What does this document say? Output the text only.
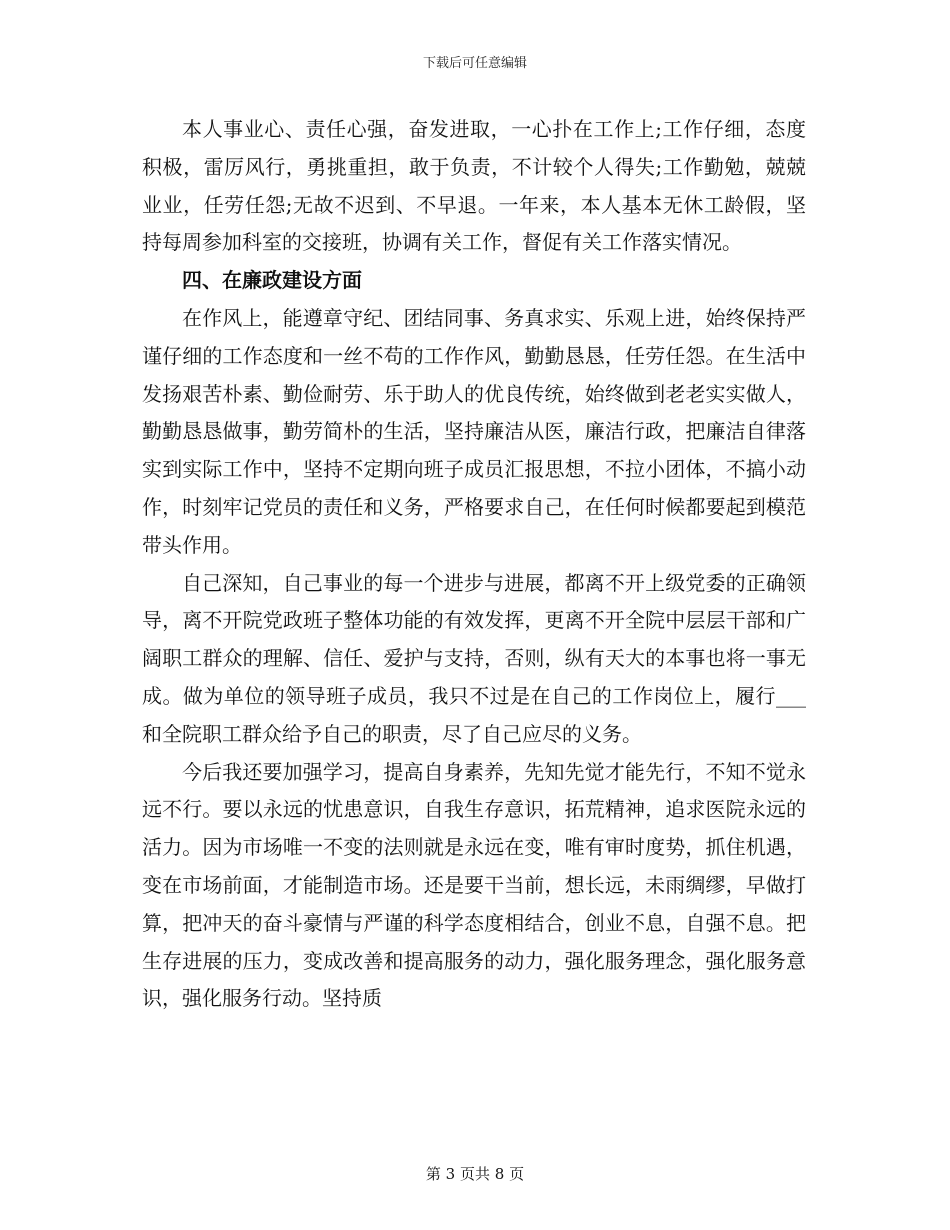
下载后可任意编辑

本人事业心、责任心强，奋发进取，一心扑在工作上;工作仔细，态度积极，雷厉风行，勇挑重担，敢于负责，不计较个人得失;工作勤勉，兢兢业业，任劳任怨;无故不迟到、不早退。一年来，本人基本无休工龄假，坚持每周参加科室的交接班，协调有关工作，督促有关工作落实情况。

四、在廉政建设方面

在作风上，能遵章守纪、团结同事、务真求实、乐观上进，始终保持严谨仔细的工作态度和一丝不苟的工作作风，勤勤恳恳，任劳任怨。在生活中发扬艰苦朴素、勤俭耐劳、乐于助人的优良传统，始终做到老老实实做人，勤勤恳恳做事，勤劳简朴的生活，坚持廉洁从医，廉洁行政，把廉洁自律落实到实际工作中，坚持不定期向班子成员汇报思想，不拉小团体，不搞小动作，时刻牢记党员的责任和义务，严格要求自己，在任何时候都要起到模范带头作用。

自己深知，自己事业的每一个进步与进展，都离不开上级党委的正确领导，离不开院党政班子整体功能的有效发挥，更离不开全院中层层干部和广阔职工群众的理解、信任、爱护与支持，否则，纵有天大的本事也将一事无成。做为单位的领导班子成员，我只不过是在自己的工作岗位上，履行___和全院职工群众给予自己的职责，尽了自己应尽的义务。

今后我还要加强学习，提高自身素养，先知先觉才能先行，不知不觉永远不行。要以永远的忧患意识，自我生存意识，拓荒精神，追求医院永远的活力。因为市场唯一不变的法则就是永远在变，唯有审时度势，抓住机遇，变在市场前面，才能制造市场。还是要干当前，想长远，未雨绸缪，早做打算，把冲天的奋斗豪情与严谨的科学态度相结合，创业不息，自强不息。把生存进展的压力，变成改善和提高服务的动力，强化服务理念，强化服务意识，强化服务行动。坚持质

第 3 页共 8 页
